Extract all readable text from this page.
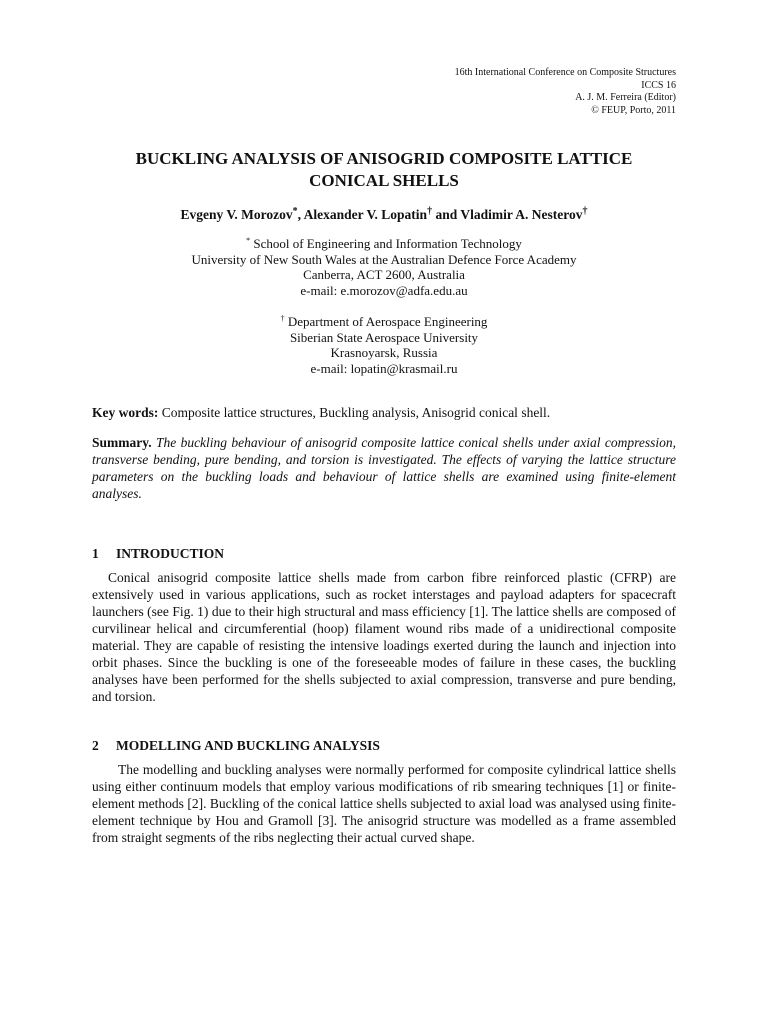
16th International Conference on Composite Structures
ICCS 16
A. J. M. Ferreira (Editor)
© FEUP, Porto, 2011
BUCKLING ANALYSIS OF ANISOGRID COMPOSITE LATTICE
CONICAL SHELLS
Evgeny V. Morozov*, Alexander V. Lopatin† and Vladimir A. Nesterov†
* School of Engineering and Information Technology
University of New South Wales at the Australian Defence Force Academy
Canberra, ACT 2600, Australia
e-mail: e.morozov@adfa.edu.au
† Department of Aerospace Engineering
Siberian State Aerospace University
Krasnoyarsk, Russia
e-mail: lopatin@krasmail.ru
Key words: Composite lattice structures, Buckling analysis, Anisogrid conical shell.
Summary. The buckling behaviour of anisogrid composite lattice conical shells under axial compression, transverse bending, pure bending, and torsion is investigated. The effects of varying the lattice structure parameters on the buckling loads and behaviour of lattice shells are examined using finite-element analyses.
1 INTRODUCTION
Conical anisogrid composite lattice shells made from carbon fibre reinforced plastic (CFRP) are extensively used in various applications, such as rocket interstages and payload adapters for spacecraft launchers (see Fig. 1) due to their high structural and mass efficiency [1]. The lattice shells are composed of curvilinear helical and circumferential (hoop) filament wound ribs made of a unidirectional composite material. They are capable of resisting the intensive loadings exerted during the launch and injection into orbit phases. Since the buckling is one of the foreseeable modes of failure in these cases, the buckling analyses have been performed for the shells subjected to axial compression, transverse and pure bending, and torsion.
2 MODELLING AND BUCKLING ANALYSIS
The modelling and buckling analyses were normally performed for composite cylindrical lattice shells using either continuum models that employ various modifications of rib smearing techniques [1] or finite-element methods [2]. Buckling of the conical lattice shells subjected to axial load was analysed using finite-element technique by Hou and Gramoll [3]. The anisogrid structure was modelled as a frame assembled from straight segments of the ribs neglecting their actual curved shape.
